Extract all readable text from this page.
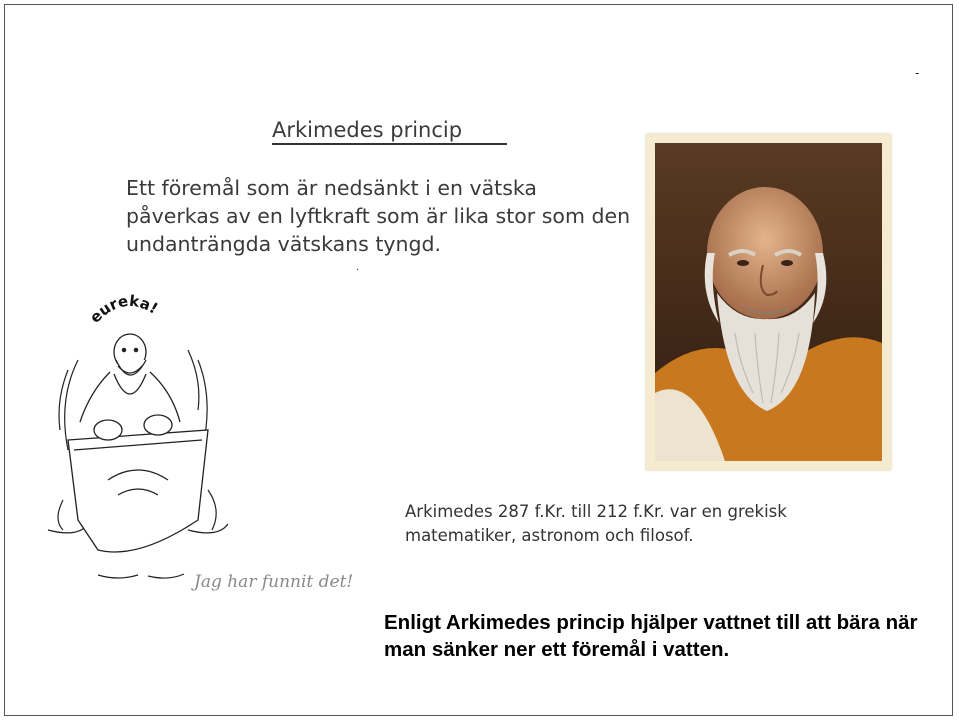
-
.
Arkimedes princip
Ett föremål som är nedsänkt i en vätska påverkas av en lyftkraft som är lika stor som den undanträngda vätskans tyngd.
eureka!
Jag har funnit det!
Arkimedes 287 f.Kr. till 212 f.Kr. var en grekisk matematiker, astronom och filosof.
Enligt Arkimedes princip hjälper vattnet till att bära när man sänker ner ett föremål i vatten.
